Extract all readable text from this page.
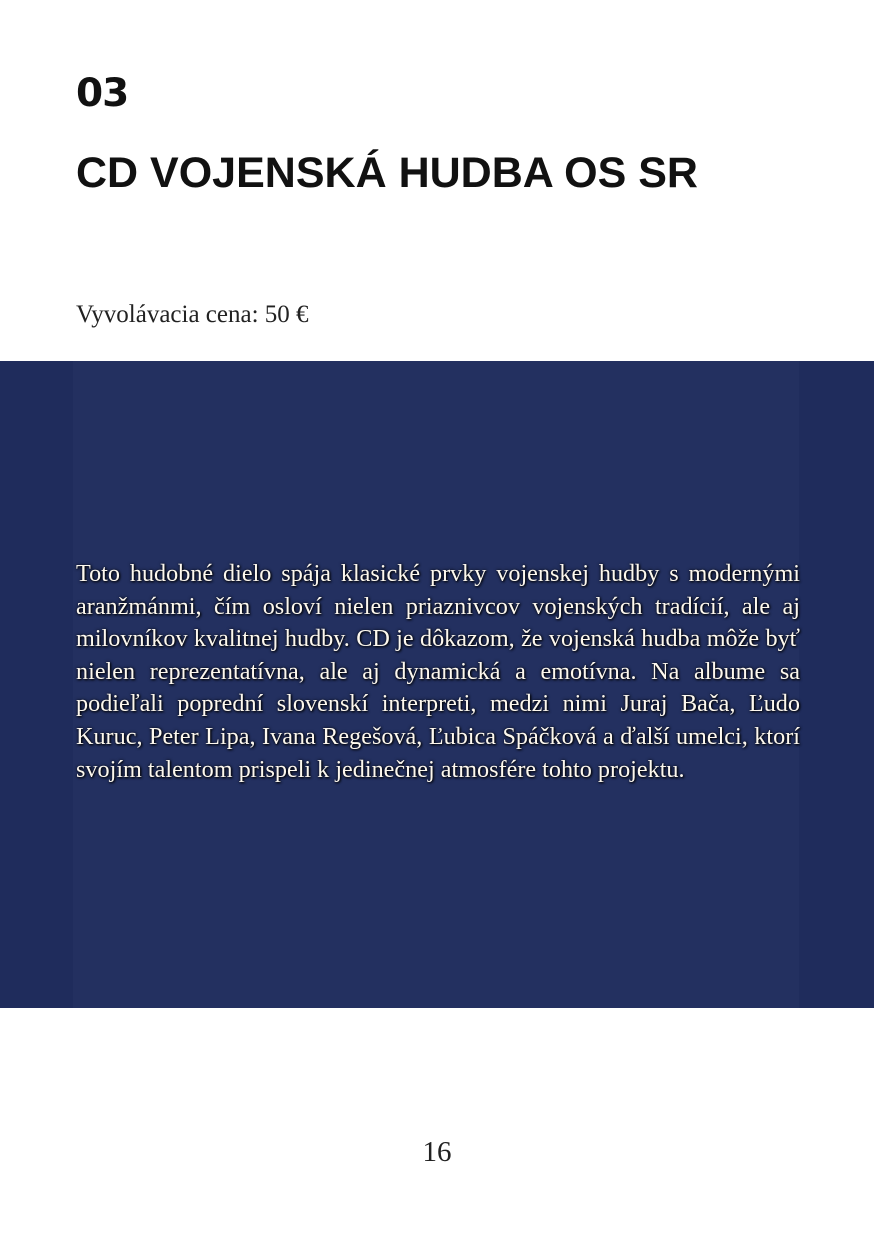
03
CD VOJENSKÁ HUDBA OS SR
Vyvolávacia cena: 50 €

Toto hudobné dielo spája klasické prvky vojenskej hudby s modernými aranžmánmi, čím osloví nielen priaznivcov vojenských tradícií, ale aj milovníkov kvalitnej hudby. CD je dôkazom, že vojenská hudba môže byť nielen reprezentatívna, ale aj dynamická a emotívna. Na albume sa podieľali poprední slovenskí interpreti, medzi nimi Juraj Bača, Ľudo Kuruc, Peter Lipa, Ivana Regešová, Ľubica Spáčková a ďalší umelci, ktorí svojím talentom prispeli k jedinečnej atmosfére tohto projektu.

16
